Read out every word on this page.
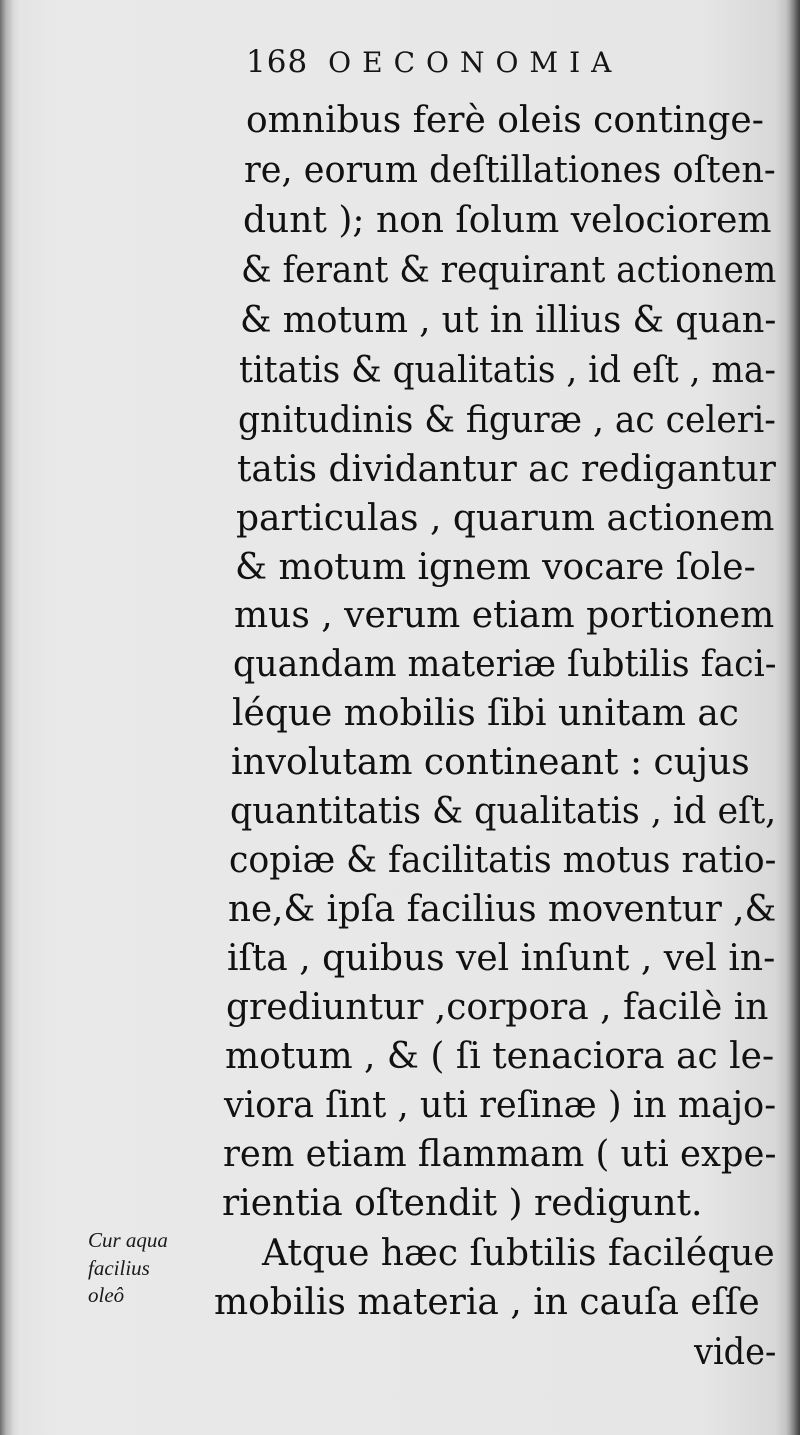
168 OECONOMIA
omnibus ferè oleis continge-
re, eorum deſtillationes oſten-
dunt ); non ſolum velociorem
& ferant & requirant actionem
& motum , ut in illius & quan-
titatis & qualitatis , id eſt , ma-
gnitudinis & figuræ , ac celeri-
tatis dividantur ac redigantur
particulas , quarum actionem
& motum ignem vocare ſole-
mus , verum etiam portionem
quandam materiæ ſubtilis faci-
léque mobilis ſibi unitam ac
involutam contineant : cujus
quantitatis & qualitatis , id eſt,
copiæ & facilitatis motus ratio-
ne,& ipſa facilius moventur ,&
iſta , quibus vel inſunt , vel in-
grediuntur ,corpora , facilè in
motum , & ( ſi tenaciora ac le-
viora ſint , uti reſinæ ) in majo-
rem etiam flammam ( uti expe-
rientia oſtendit ) redigunt.
Atque hæc ſubtilis faciléque
mobilis materia , in cauſa eſſe
vide-
Cur aqua
facilius
oleô
